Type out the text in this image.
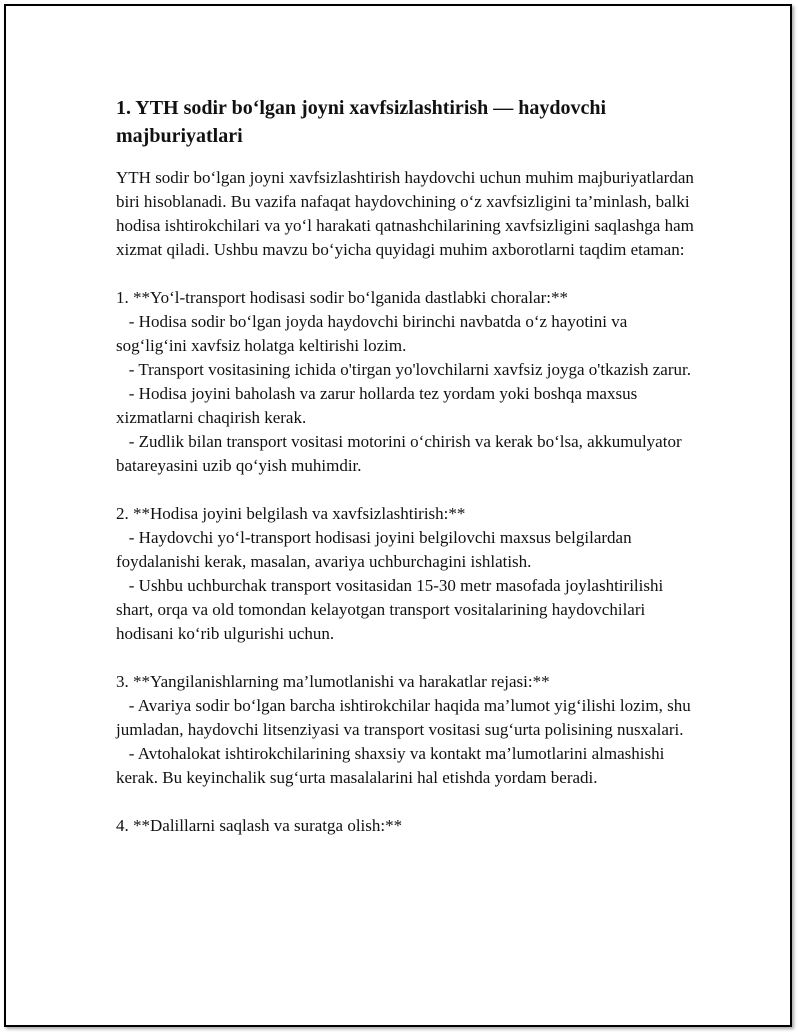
1. YTH sodir bo‘lgan joyni xavfsizlashtirish — haydovchi majburiyatlari

YTH sodir bo‘lgan joyni xavfsizlashtirish haydovchi uchun muhim majburiyatlardan biri hisoblanadi. Bu vazifa nafaqat haydovchining o‘z xavfsizligini ta’minlash, balki hodisa ishtirokchilari va yo‘l harakati qatnashchilarining xavfsizligini saqlashga ham xizmat qiladi. Ushbu mavzu bo‘yicha quyidagi muhim axborotlarni taqdim etaman:

1. **Yo‘l-transport hodisasi sodir bo‘lganida dastlabki choralar:**
- Hodisa sodir bo‘lgan joyda haydovchi birinchi navbatda o‘z hayotini va sog‘lig‘ini xavfsiz holatga keltirishi lozim.
- Transport vositasining ichida o'tirgan yo'lovchilarni xavfsiz joyga o'tkazish zarur.
- Hodisa joyini baholash va zarur hollarda tez yordam yoki boshqa maxsus xizmatlarni chaqirish kerak.
- Zudlik bilan transport vositasi motorini o‘chirish va kerak bo‘lsa, akkumulyator batareyasini uzib qo‘yish muhimdir.

2. **Hodisa joyini belgilash va xavfsizlashtirish:**
- Haydovchi yo‘l-transport hodisasi joyini belgilovchi maxsus belgilardan foydalanishi kerak, masalan, avariya uchburchagini ishlatish.
- Ushbu uchburchak transport vositasidan 15-30 metr masofada joylashtirilishi shart, orqa va old tomondan kelayotgan transport vositalarining haydovchilari hodisani ko‘rib ulgurishi uchun.

3. **Yangilanishlarning ma’lumotlanishi va harakatlar rejasi:**
- Avariya sodir bo‘lgan barcha ishtirokchilar haqida ma’lumot yig‘ilishi lozim, shu jumladan, haydovchi litsenziyasi va transport vositasi sug‘urta polisining nusxalari.
- Avtohalokat ishtirokchilarining shaxsiy va kontakt ma’lumotlarini almashishi kerak. Bu keyinchalik sug‘urta masalalarini hal etishda yordam beradi.

4. **Dalillarni saqlash va suratga olish:**
